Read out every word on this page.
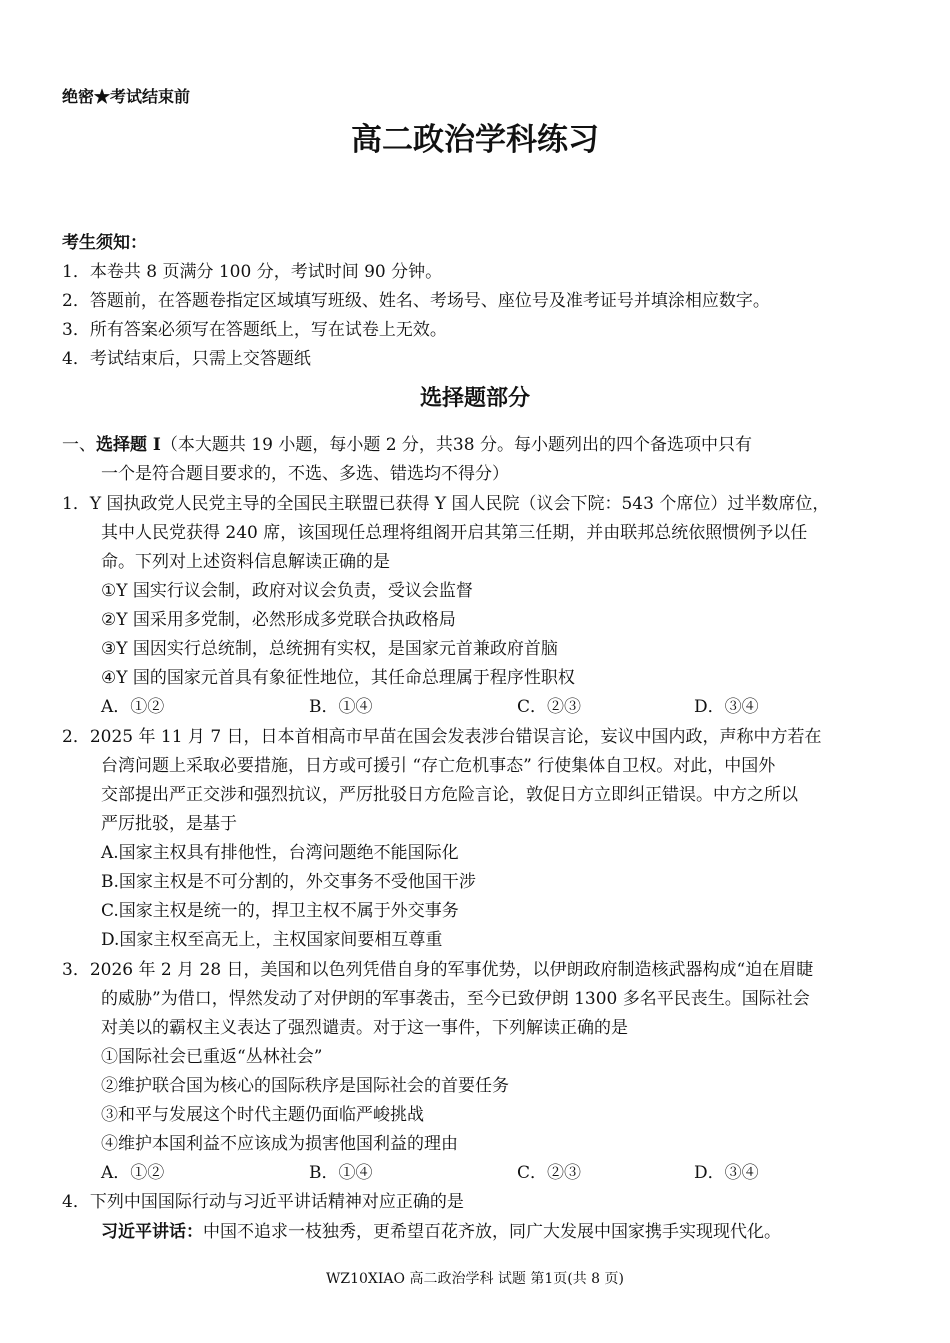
绝密★考试结束前
高二政治学科练习
考生须知：
1．本卷共 8 页满分 100 分，考试时间 90 分钟。
2．答题前，在答题卷指定区域填写班级、姓名、考场号、座位号及准考证号并填涂相应数字。
3．所有答案必须写在答题纸上，写在试卷上无效。
4．考试结束后，只需上交答题纸
选择题部分
一、选择题 Ⅰ（本大题共 19 小题，每小题 2 分，共38 分。每小题列出的四个备选项中只有
一个是符合题目要求的，不选、多选、错选均不得分）
1．Y 国执政党人民党主导的全国民主联盟已获得 Y 国人民院（议会下院：543 个席位）过半数席位，
其中人民党获得 240 席，该国现任总理将组阁开启其第三任期，并由联邦总统依照惯例予以任
命。下列对上述资料信息解读正确的是
①Y 国实行议会制，政府对议会负责，受议会监督
②Y 国采用多党制，必然形成多党联合执政格局
③Y 国因实行总统制，总统拥有实权，是国家元首兼政府首脑
④Y 国的国家元首具有象征性地位，其任命总理属于程序性职权
A．①②	B．①④	C．②③	D．③④
2．2025 年 11 月 7 日，日本首相高市早苗在国会发表涉台错误言论，妄议中国内政，声称中方若在
台湾问题上采取必要措施，日方或可援引 “存亡危机事态” 行使集体自卫权。对此，中国外
交部提出严正交涉和强烈抗议，严厉批驳日方危险言论，敦促日方立即纠正错误。中方之所以
严厉批驳，是基于
A.国家主权具有排他性，台湾问题绝不能国际化
B.国家主权是不可分割的，外交事务不受他国干涉
C.国家主权是统一的，捍卫主权不属于外交事务
D.国家主权至高无上，主权国家间要相互尊重
3．2026 年 2 月 28 日，美国和以色列凭借自身的军事优势，以伊朗政府制造核武器构成“迫在眉睫
的威胁”为借口，悍然发动了对伊朗的军事袭击，至今已致伊朗 1300 多名平民丧生。国际社会
对美以的霸权主义表达了强烈谴责。对于这一事件，下列解读正确的是
①国际社会已重返“丛林社会”
②维护联合国为核心的国际秩序是国际社会的首要任务
③和平与发展这个时代主题仍面临严峻挑战
④维护本国利益不应该成为损害他国利益的理由
A．①②	B．①④	C．②③	D．③④
4．下列中国国际行动与习近平讲话精神对应正确的是
习近平讲话：中国不追求一枝独秀，更希望百花齐放，同广大发展中国家携手实现现代化。
WZ10XIAO 高二政治学科 试题 第1页(共 8 页)
